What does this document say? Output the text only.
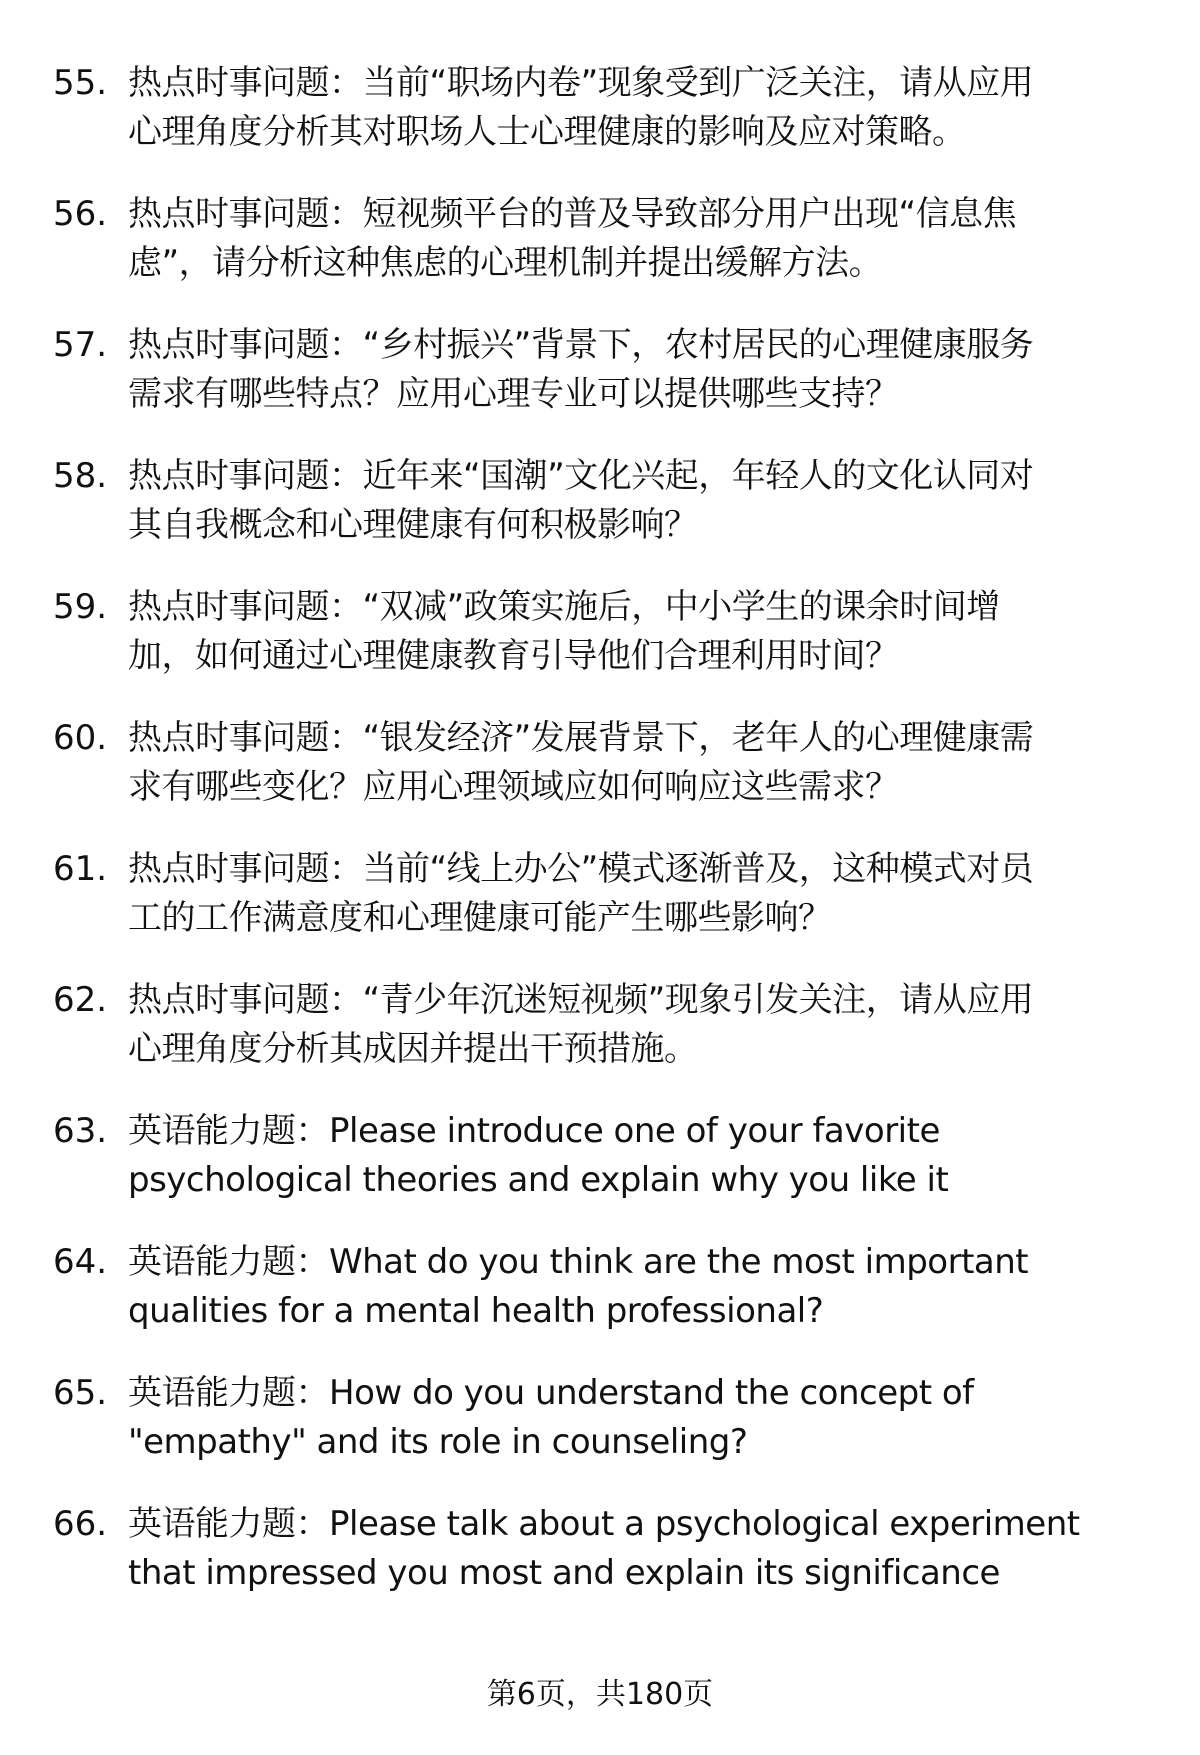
55. 热点时事问题：当前“职场内卷”现象受到广泛关注，请从应用
心理角度分析其对职场人士心理健康的影响及应对策略。
56. 热点时事问题：短视频平台的普及导致部分用户出现“信息焦
虑”，请分析这种焦虑的心理机制并提出缓解方法。
57. 热点时事问题：“乡村振兴”背景下，农村居民的心理健康服务
需求有哪些特点？应用心理专业可以提供哪些支持？
58. 热点时事问题：近年来“国潮”文化兴起，年轻人的文化认同对
其自我概念和心理健康有何积极影响？
59. 热点时事问题：“双减”政策实施后，中小学生的课余时间增
加，如何通过心理健康教育引导他们合理利用时间？
60. 热点时事问题：“银发经济”发展背景下，老年人的心理健康需
求有哪些变化？应用心理领域应如何响应这些需求？
61. 热点时事问题：当前“线上办公”模式逐渐普及，这种模式对员
工的工作满意度和心理健康可能产生哪些影响？
62. 热点时事问题：“青少年沉迷短视频”现象引发关注，请从应用
心理角度分析其成因并提出干预措施。
63. 英语能力题：Please introduce one of your favorite
psychological theories and explain why you like it
64. 英语能力题：What do you think are the most important
qualities for a mental health professional?
65. 英语能力题：How do you understand the concept of
"empathy" and its role in counseling?
66. 英语能力题：Please talk about a psychological experiment
that impressed you most and explain its significance
第6页，共180页
